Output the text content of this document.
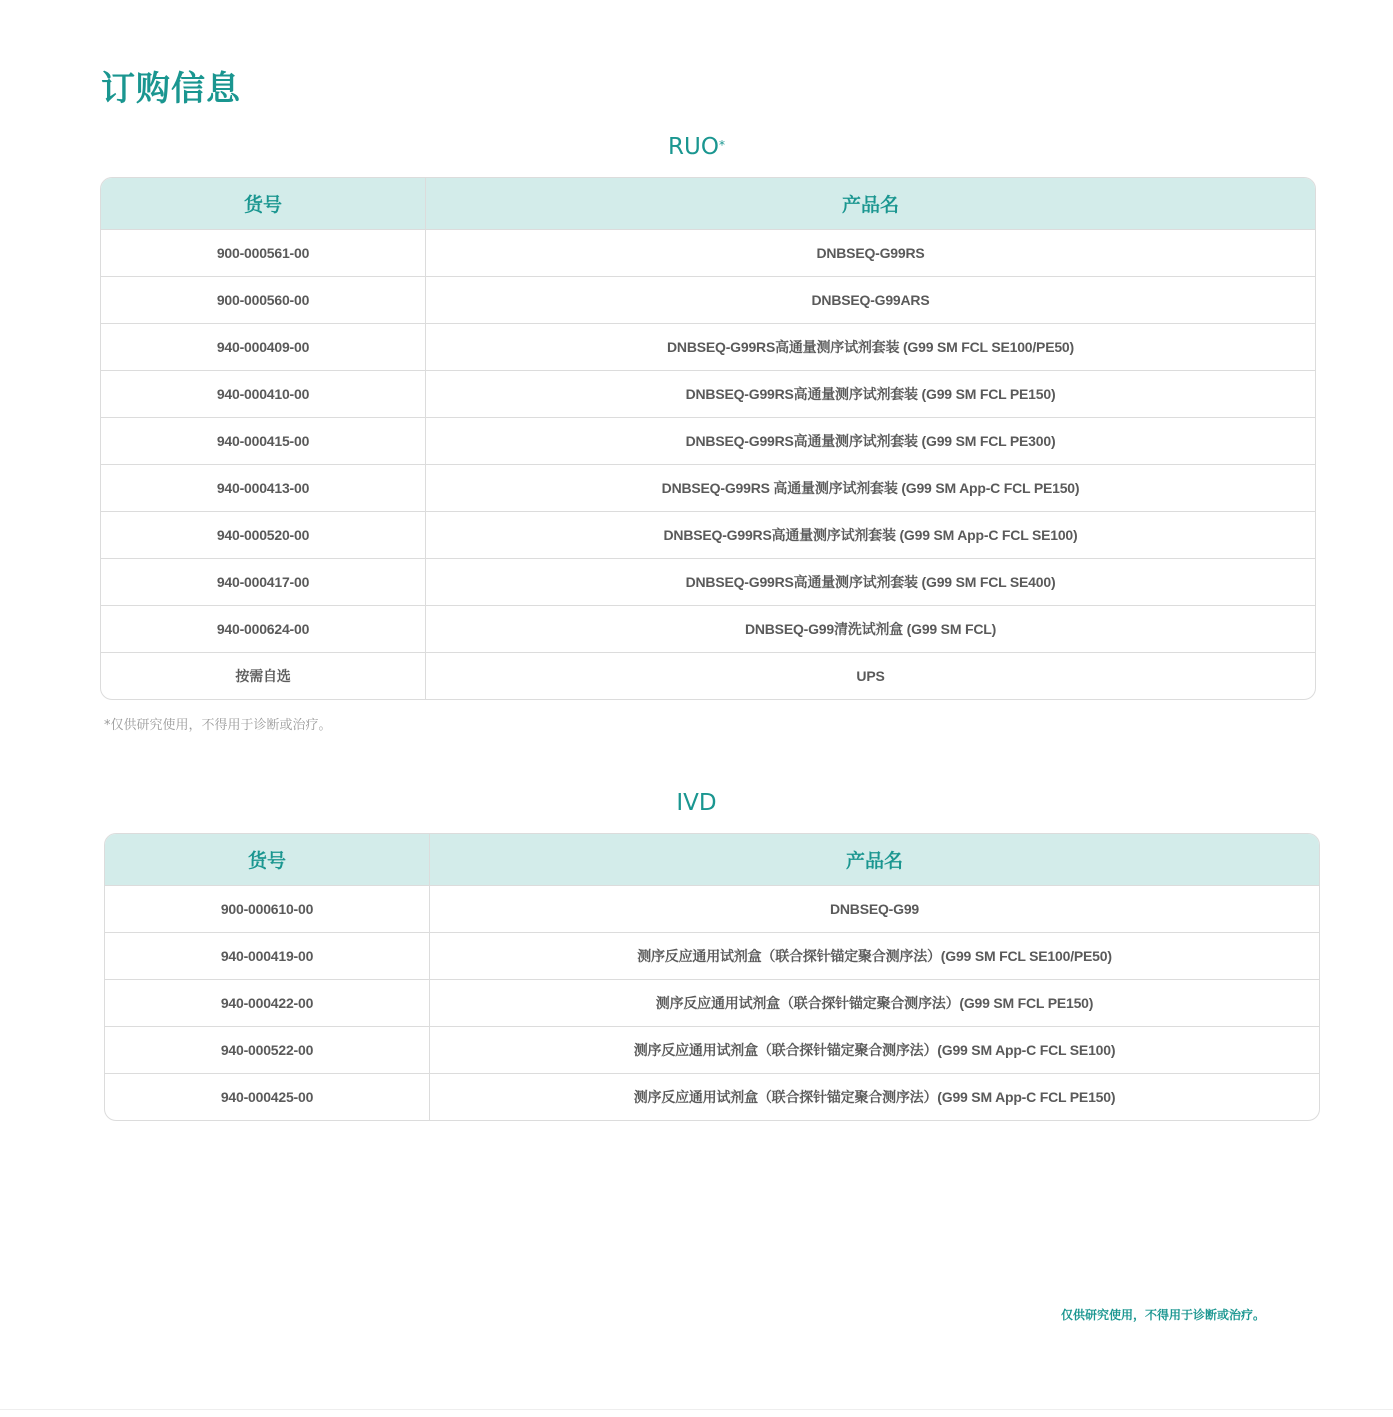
订购信息
RUO*
货号	产品名
900-000561-00	DNBSEQ-G99RS
900-000560-00	DNBSEQ-G99ARS
940-000409-00	DNBSEQ-G99RS高通量测序试剂套装 (G99 SM FCL SE100/PE50)
940-000410-00	DNBSEQ-G99RS高通量测序试剂套装 (G99 SM FCL PE150)
940-000415-00	DNBSEQ-G99RS高通量测序试剂套装 (G99 SM FCL PE300)
940-000413-00	DNBSEQ-G99RS 高通量测序试剂套装 (G99 SM App-C FCL PE150)
940-000520-00	DNBSEQ-G99RS高通量测序试剂套装 (G99 SM App-C FCL SE100)
940-000417-00	DNBSEQ-G99RS高通量测序试剂套装 (G99 SM FCL SE400)
940-000624-00	DNBSEQ-G99清洗试剂盒 (G99 SM FCL)
按需自选	UPS

*仅供研究使用，不得用于诊断或治疗。

IVD
货号	产品名
900-000610-00	DNBSEQ-G99
940-000419-00	测序反应通用试剂盒（联合探针锚定聚合测序法）(G99 SM FCL SE100/PE50)
940-000422-00	测序反应通用试剂盒（联合探针锚定聚合测序法）(G99 SM FCL PE150)
940-000522-00	测序反应通用试剂盒（联合探针锚定聚合测序法）(G99 SM App-C FCL SE100)
940-000425-00	测序反应通用试剂盒（联合探针锚定聚合测序法）(G99 SM App-C FCL PE150)

仅供研究使用，不得用于诊断或治疗。
